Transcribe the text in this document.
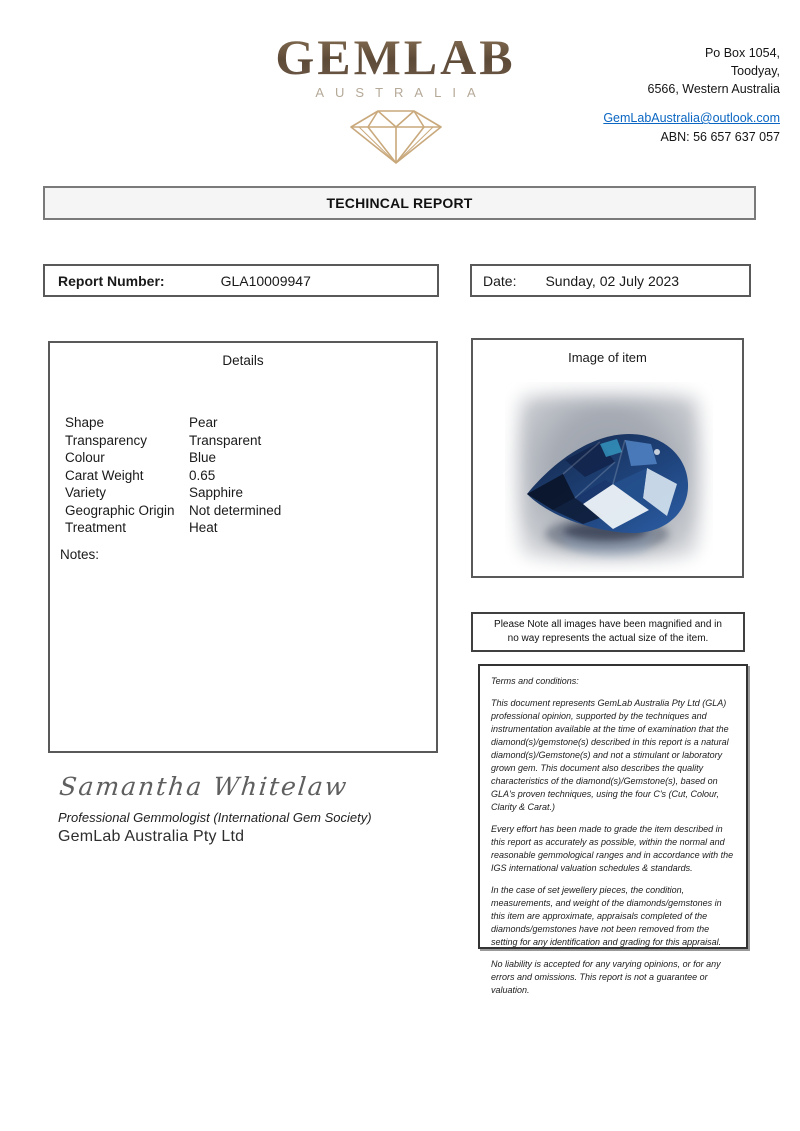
GEMLAB
AUSTRALIA
Po Box 1054,
Toodyay,
6566, Western Australia
GemLabAustralia@outlook.com
ABN: 56 657 637 057
TECHINCAL REPORT
Report Number:	GLA10009947	Date: Sunday, 02 July 2023
Details
Shape	Pear
Transparency	Transparent
Colour	Blue
Carat Weight	0.65
Variety	Sapphire
Geographic Origin	Not determined
Treatment	Heat
Notes:
Image of item
Please Note all images have been magnified and in no way represents the actual size of the item.
Terms and conditions:

This document represents GemLab Australia Pty Ltd (GLA) professional opinion, supported by the techniques and instrumentation available at the time of examination that the diamond(s)/gemstone(s) described in this report is a natural diamond(s)/Gemstone(s) and not a stimulant or laboratory grown gem. This document also describes the quality characteristics of the diamond(s)/Gemstone(s), based on GLA's proven techniques, using the four C's (Cut, Colour, Clarity & Carat.)

Every effort has been made to grade the item described in this report as accurately as possible, within the normal and reasonable gemmological ranges and in accordance with the IGS international valuation schedules & standards.

In the case of set jewellery pieces, the condition, measurements, and weight of the diamonds/gemstones in this item are approximate, appraisals completed of the diamonds/gemstones have not been removed from the setting for any identification and grading for this appraisal.

No liability is accepted for any varying opinions, or for any errors and omissions. This report is not a guarantee or valuation.

Samantha Whitelaw
Professional Gemmologist (International Gem Society)
GemLab Australia Pty Ltd
